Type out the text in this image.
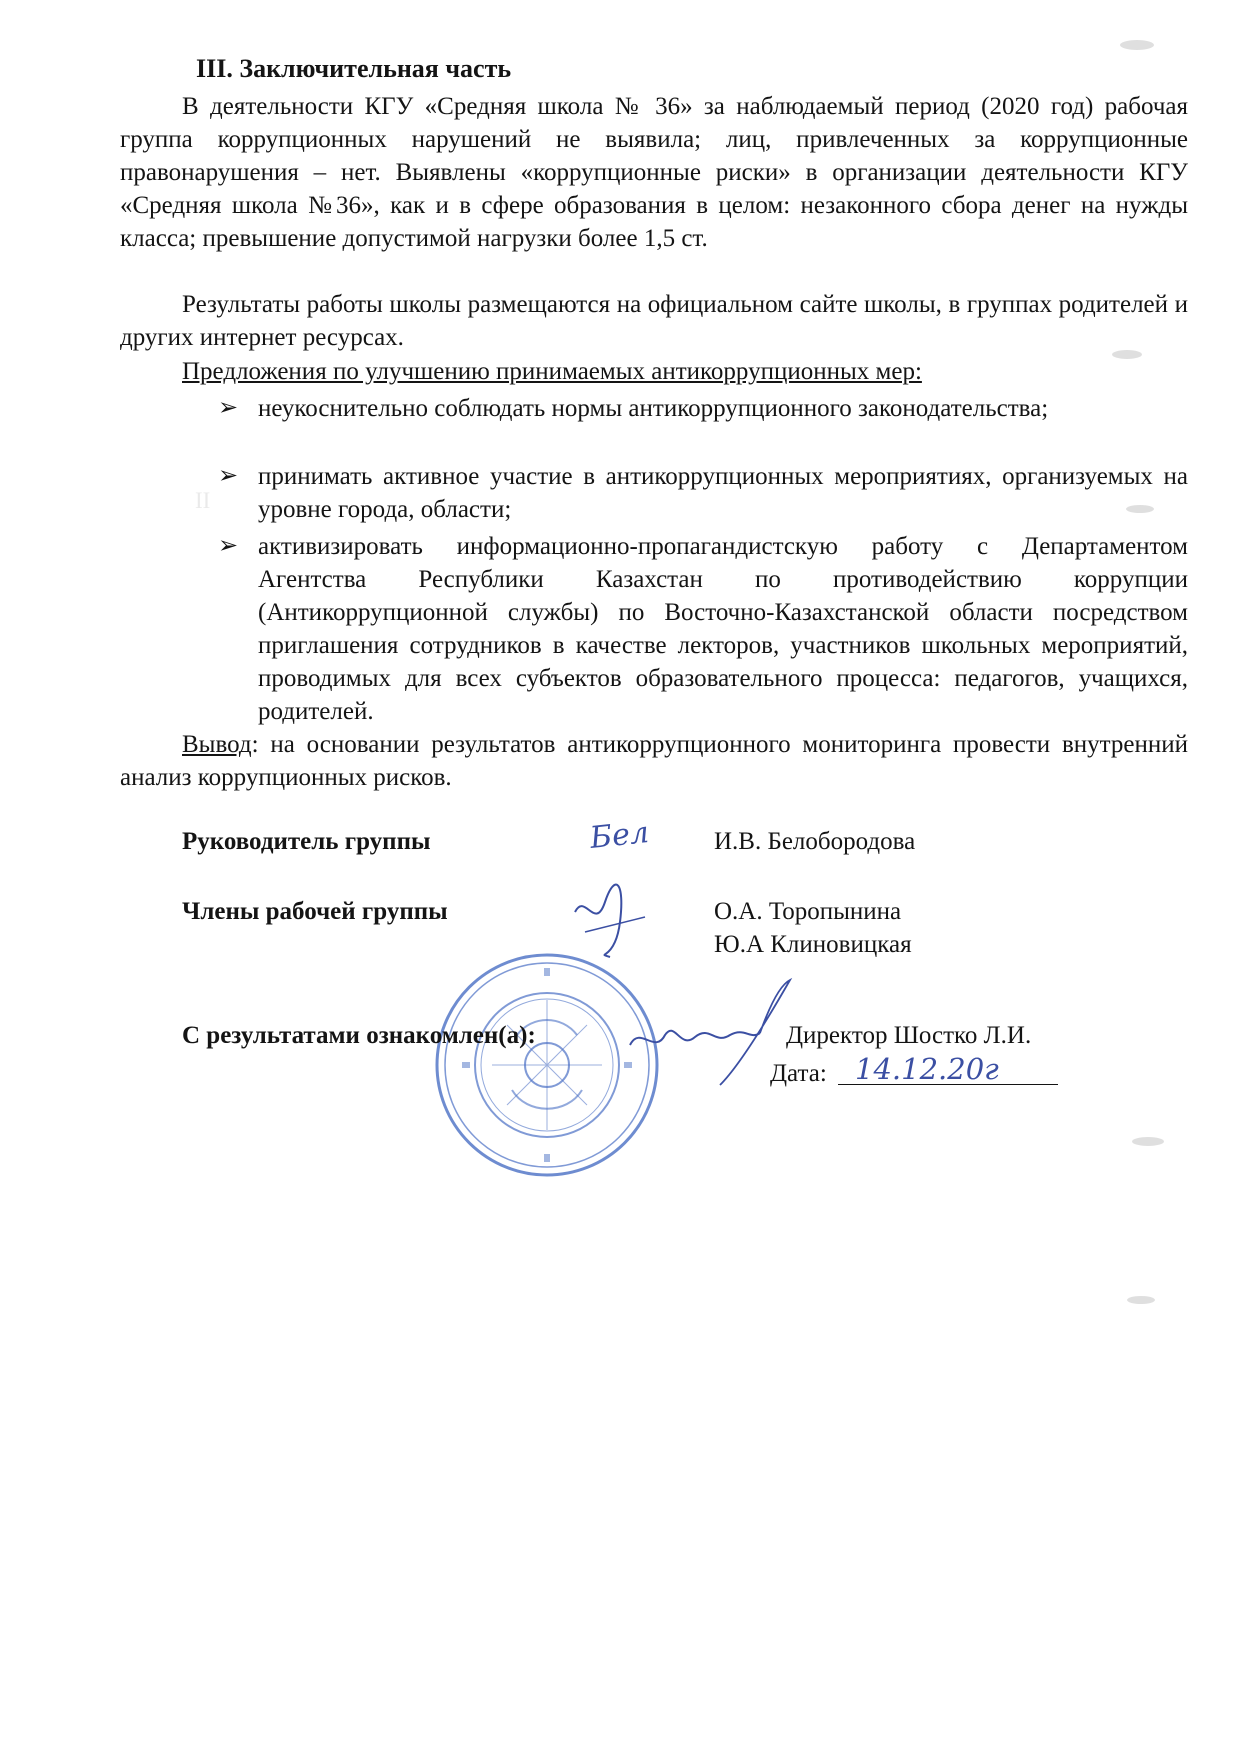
II
III. Заключительная часть
В деятельности КГУ «Средняя школа № 36» за наблюдаемый период (2020 год) рабочая группа коррупционных нарушений не выявила; лиц, привлеченных за коррупционные правонарушения – нет. Выявлены «коррупционные риски» в организации деятельности КГУ «Средняя школа №36», как и в сфере образования в целом: незаконного сбора денег на нужды класса; превышение допустимой нагрузки более 1,5 ст.
Результаты работы школы размещаются на официальном сайте школы, в группах родителей и других интернет ресурсах.
Предложения по улучшению принимаемых антикоррупционных мер:
➢ неукоснительно соблюдать нормы антикоррупционного законодательства;
➢ принимать активное участие в антикоррупционных мероприятиях, организуемых на уровне города, области;
➢ активизировать информационно-пропагандистскую работу с Департаментом Агентства Республики Казахстан по противодействию коррупции (Антикоррупционной службы) по Восточно-Казахстанской области посредством приглашения сотрудников в качестве лекторов, участников школьных мероприятий, проводимых для всех субъектов образовательного процесса: педагогов, учащихся, родителей.
Вывод: на основании результатов антикоррупционного мониторинга провести внутренний анализ коррупционных рисков.
Руководитель группы	Бел	И.В. Белобородова
Члены рабочей группы	О.А. Торопынина
Ю.А Клиновицкая
С результатами ознакомлен(а):	Директор Шостко Л.И.
Дата: 14.12.20г
